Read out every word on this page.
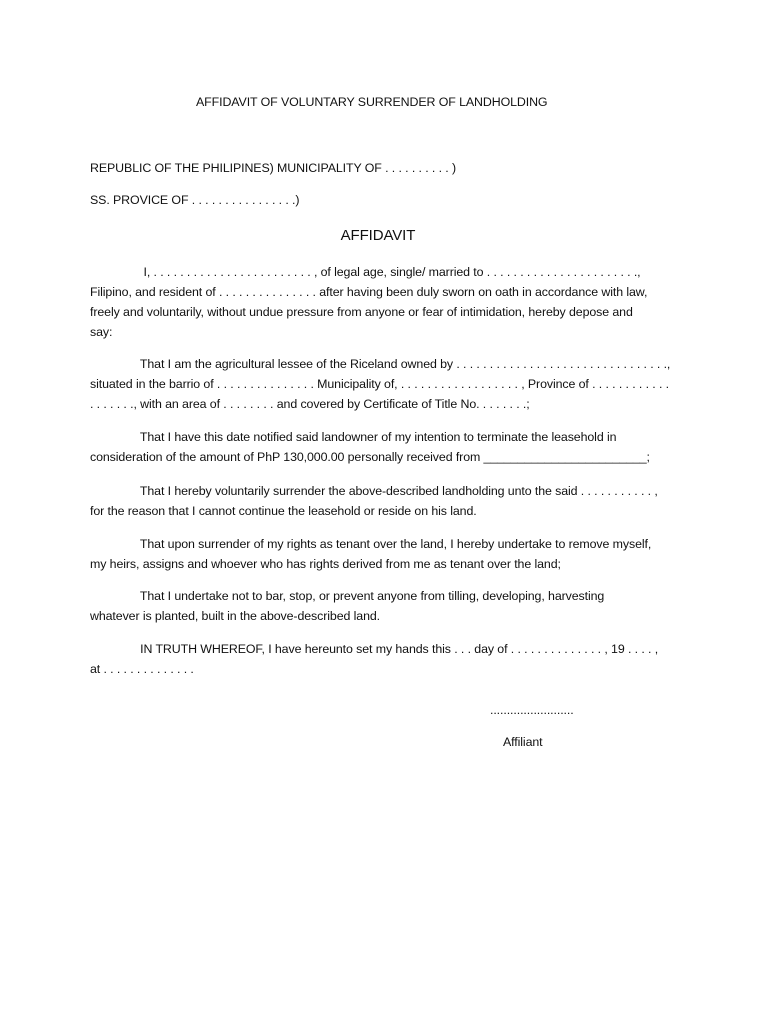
AFFIDAVIT OF VOLUNTARY SURRENDER OF LANDHOLDING
REPUBLIC OF THE PHILIPINES) MUNICIPALITY OF . . . . . . . . . . )
SS. PROVICE OF . . . . . . . . . . . . . . . .)
AFFIDAVIT
I, . . . . . . . . . . . . . . . . . . . . . . . . , of legal age, single/ married to . . . . . . . . . . . . . . . . . . . . . . .,
Filipino, and resident of . . . . . . . . . . . . . . . after having been duly sworn on oath in accordance with law,
freely and voluntarily, without undue pressure from anyone or fear of intimidation, hereby depose and
say:
That I am the agricultural lessee of the Riceland owned by . . . . . . . . . . . . . . . . . . . . . . . . . . . . . . . .,
situated in the barrio of . . . . . . . . . . . . . . . Municipality of, . . . . . . . . . . . . . . . . . . , Province of . . . . . . . . . . . .
. . . . . . ., with an area of . . . . . . . . and covered by Certificate of Title No. . . . . . . .;
That I have this date notified said landowner of my intention to terminate the leasehold in
consideration of the amount of PhP 130,000.00 personally received from ________________________;
That I hereby voluntarily surrender the above-described landholding unto the said . . . . . . . . . . . ,
for the reason that I cannot continue the leasehold or reside on his land.
That upon surrender of my rights as tenant over the land, I hereby undertake to remove myself,
my heirs, assigns and whoever who has rights derived from me as tenant over the land;
That I undertake not to bar, stop, or prevent anyone from tilling, developing, harvesting
whatever is planted, built in the above-described land.
IN TRUTH WHEREOF, I have hereunto set my hands this . . . day of . . . . . . . . . . . . . . , 19 . . . . ,
at . . . . . . . . . . . . . .
.........................
Affiliant
